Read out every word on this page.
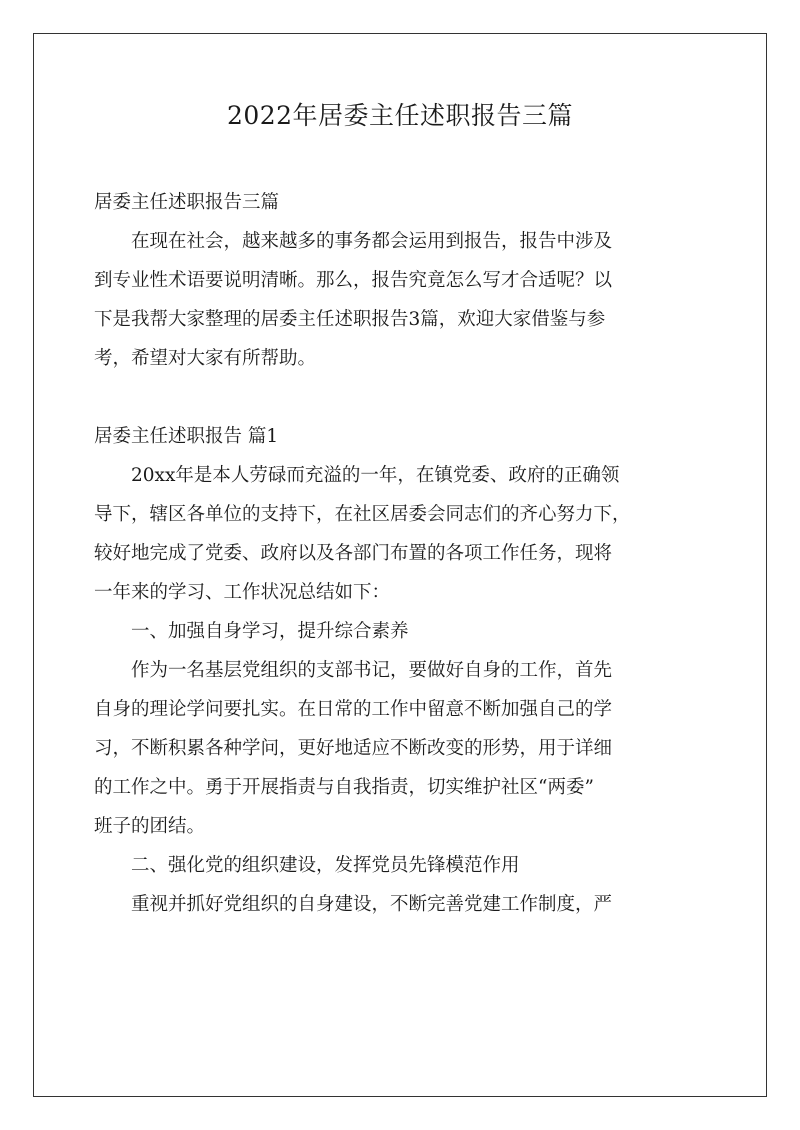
2022年居委主任述职报告三篇
居委主任述职报告三篇
在现在社会，越来越多的事务都会运用到报告，报告中涉及
到专业性术语要说明清晰。那么，报告究竟怎么写才合适呢？以
下是我帮大家整理的居委主任述职报告3篇，欢迎大家借鉴与参
考，希望对大家有所帮助。
居委主任述职报告 篇1
20xx年是本人劳碌而充溢的一年，在镇党委、政府的正确领
导下，辖区各单位的支持下，在社区居委会同志们的齐心努力下，
较好地完成了党委、政府以及各部门布置的各项工作任务，现将
一年来的学习、工作状况总结如下：
一、加强自身学习，提升综合素养
作为一名基层党组织的支部书记，要做好自身的工作，首先
自身的理论学问要扎实。在日常的工作中留意不断加强自己的学
习，不断积累各种学问，更好地适应不断改变的形势，用于详细
的工作之中。勇于开展指责与自我指责，切实维护社区“两委”
班子的团结。
二、强化党的组织建设，发挥党员先锋模范作用
重视并抓好党组织的自身建设，不断完善党建工作制度，严
